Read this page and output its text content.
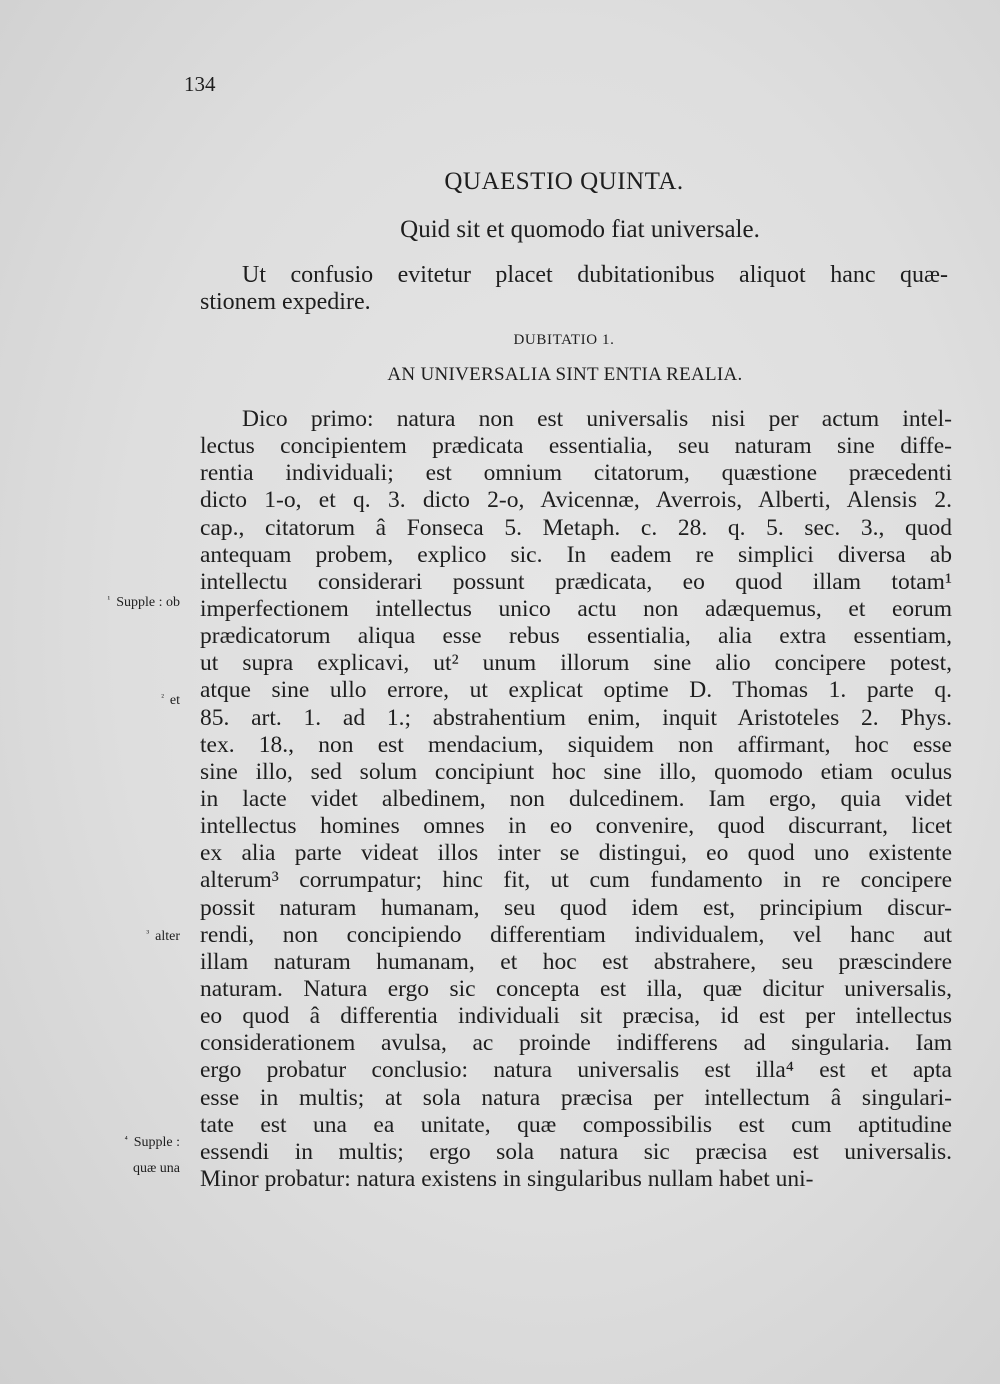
134
QUAESTIO QUINTA.
Quid sit et quomodo fiat universale.
Ut confusio evitetur placet dubitationibus aliquot hanc quæ-
stionem expedire.
DUBITATIO 1.
AN UNIVERSALIA SINT ENTIA REALIA.
Dico primo: natura non est universalis nisi per actum intel-
lectus concipientem prædicata essentialia, seu naturam sine diffe-
rentia individuali; est omnium citatorum, quæstione præcedenti
dicto 1-o, et q. 3. dicto 2-o, Avicennæ, Averrois, Alberti, Alensis 2.
cap., citatorum â Fonseca 5. Metaph. c. 28. q. 5. sec. 3., quod
antequam probem, explico sic. In eadem re simplici diversa ab
intellectu considerari possunt prædicata, eo quod illam totam¹
imperfectionem intellectus unico actu non adæquemus, et eorum
prædicatorum aliqua esse rebus essentialia, alia extra essentiam,
ut supra explicavi, ut² unum illorum sine alio concipere potest,
atque sine ullo errore, ut explicat optime D. Thomas 1. parte q.
85. art. 1. ad 1.; abstrahentium enim, inquit Aristoteles 2. Phys.
tex. 18., non est mendacium, siquidem non affirmant, hoc esse
sine illo, sed solum concipiunt hoc sine illo, quomodo etiam oculus
in lacte videt albedinem, non dulcedinem. Iam ergo, quia videt
intellectus homines omnes in eo convenire, quod discurrant, licet
ex alia parte videat illos inter se distingui, eo quod uno existente
alterum³ corrumpatur; hinc fit, ut cum fundamento in re concipere
possit naturam humanam, seu quod idem est, principium discur-
rendi, non concipiendo differentiam individualem, vel hanc aut
illam naturam humanam, et hoc est abstrahere, seu præscindere
naturam. Natura ergo sic concepta est illa, quæ dicitur universalis,
eo quod â differentia individuali sit præcisa, id est per intellectus
considerationem avulsa, ac proinde indifferens ad singularia. Iam
ergo probatur conclusio: natura universalis est illa⁴ est et apta
esse in multis; at sola natura præcisa per intellectum â singulari-
tate est una ea unitate, quæ compossibilis est cum aptitudine
essendi in multis; ergo sola natura sic præcisa est universalis.
Minor probatur: natura existens in singularibus nullam habet uni-
$^{^1}$ Supple : ob
$^{^2}$ et
$^{^3}$ alter
$^{^4}$ Supple :
quæ una
